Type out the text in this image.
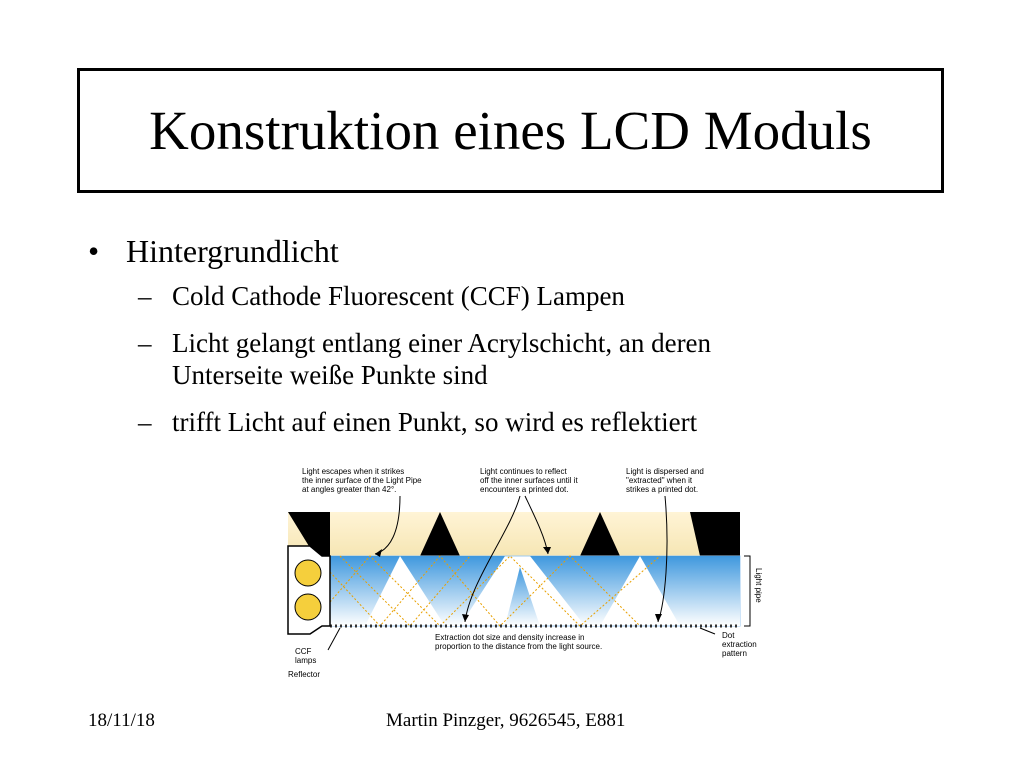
Konstruktion eines LCD Moduls
• Hintergrundlicht
– Cold Cathode Fluorescent (CCF) Lampen
– Licht gelangt entlang einer Acrylschicht, an deren
Unterseite weiße Punkte sind
– trifft Licht auf einen Punkt, so wird es reflektiert
Light pipe
Light escapes when it strikes
the inner surface of the Light Pipe
at angles greater than 42°.
Light continues to reflect
off the inner surfaces until it
encounters a printed dot.
Light is dispersed and
"extracted" when it
strikes a printed dot.
Extraction dot size and density increase in
proportion to the distance from the light source.
CCF
lamps
Reflector
Dot
extraction
pattern
18/11/18	Martin Pinzger, 9626545, E881
